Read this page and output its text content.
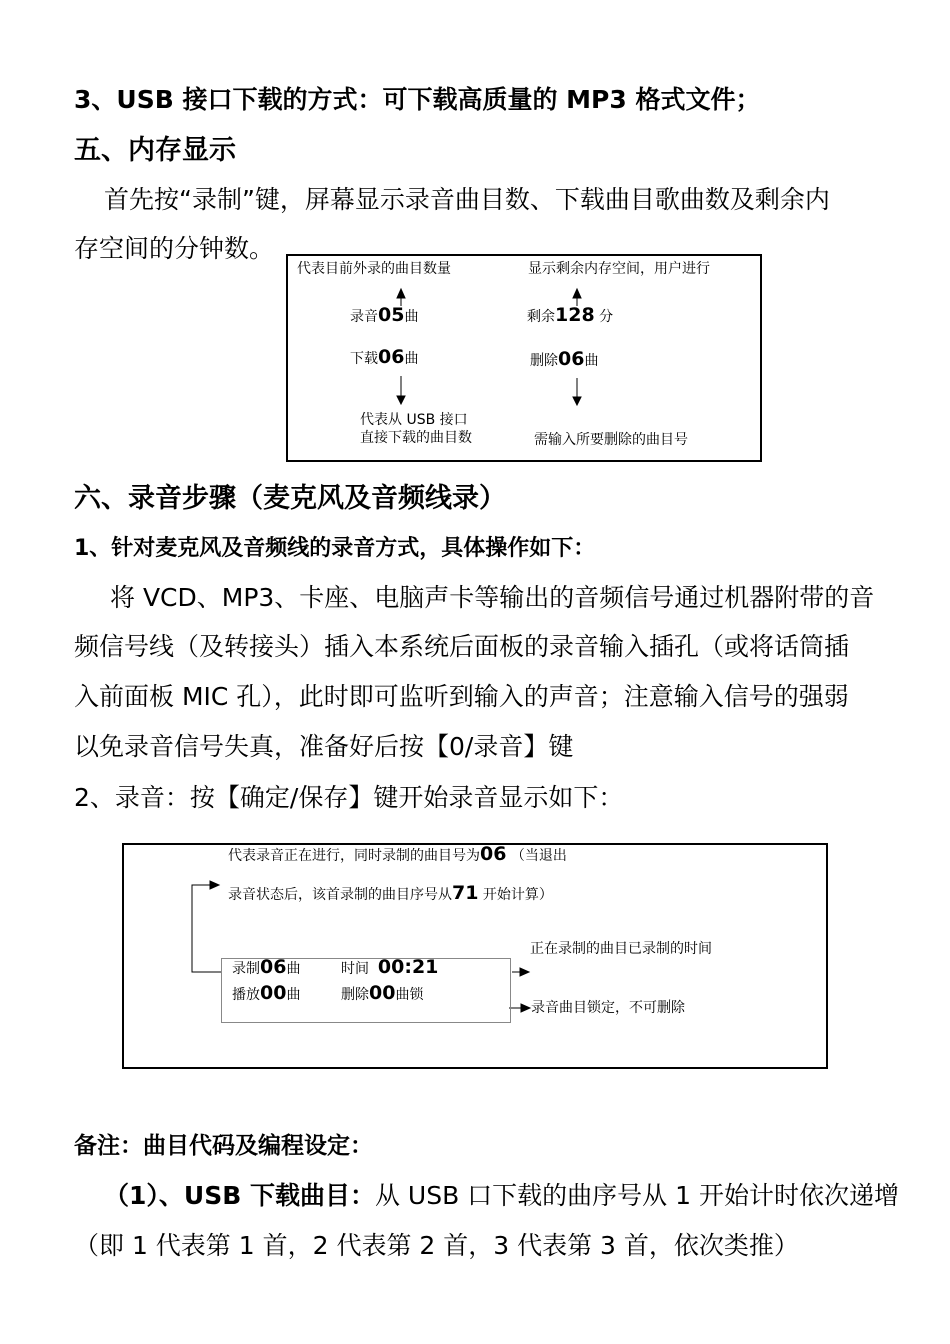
3、USB 接口下载的方式：可下载高质量的 MP3 格式文件；
五、内存显示
首先按“录制”键，屏幕显示录音曲目数、下载曲目歌曲数及剩余内
存空间的分钟数。
代表目前外录的曲目数量	显示剩余内存空间，用户进行
录音05曲	剩余128 分
下载06曲	删除06曲
代表从 USB 接口
直接下载的曲目数	需输入所要删除的曲目号
六、录音步骤（麦克风及音频线录）
1、针对麦克风及音频线的录音方式，具体操作如下：
将 VCD、MP3、卡座、电脑声卡等输出的音频信号通过机器附带的音
频信号线（及转接头）插入本系统后面板的录音输入插孔（或将话筒插
入前面板 MIC 孔），此时即可监听到输入的声音；注意输入信号的强弱
以免录音信号失真，准备好后按【0/录音】键
2、录音：按【确定/保存】键开始录音显示如下：
代表录音正在进行，同时录制的曲目号为06 （当退出
录音状态后，该首录制的曲目序号从71 开始计算）
正在录制的曲目已录制的时间
录制06曲	时间 00:21
播放00曲	删除00曲锁
录音曲目锁定，不可删除
备注：曲目代码及编程设定：
（1）、USB 下载曲目：从 USB 口下载的曲序号从 1 开始计时依次递增
（即 1 代表第 1 首，2 代表第 2 首，3 代表第 3 首，依次类推）
